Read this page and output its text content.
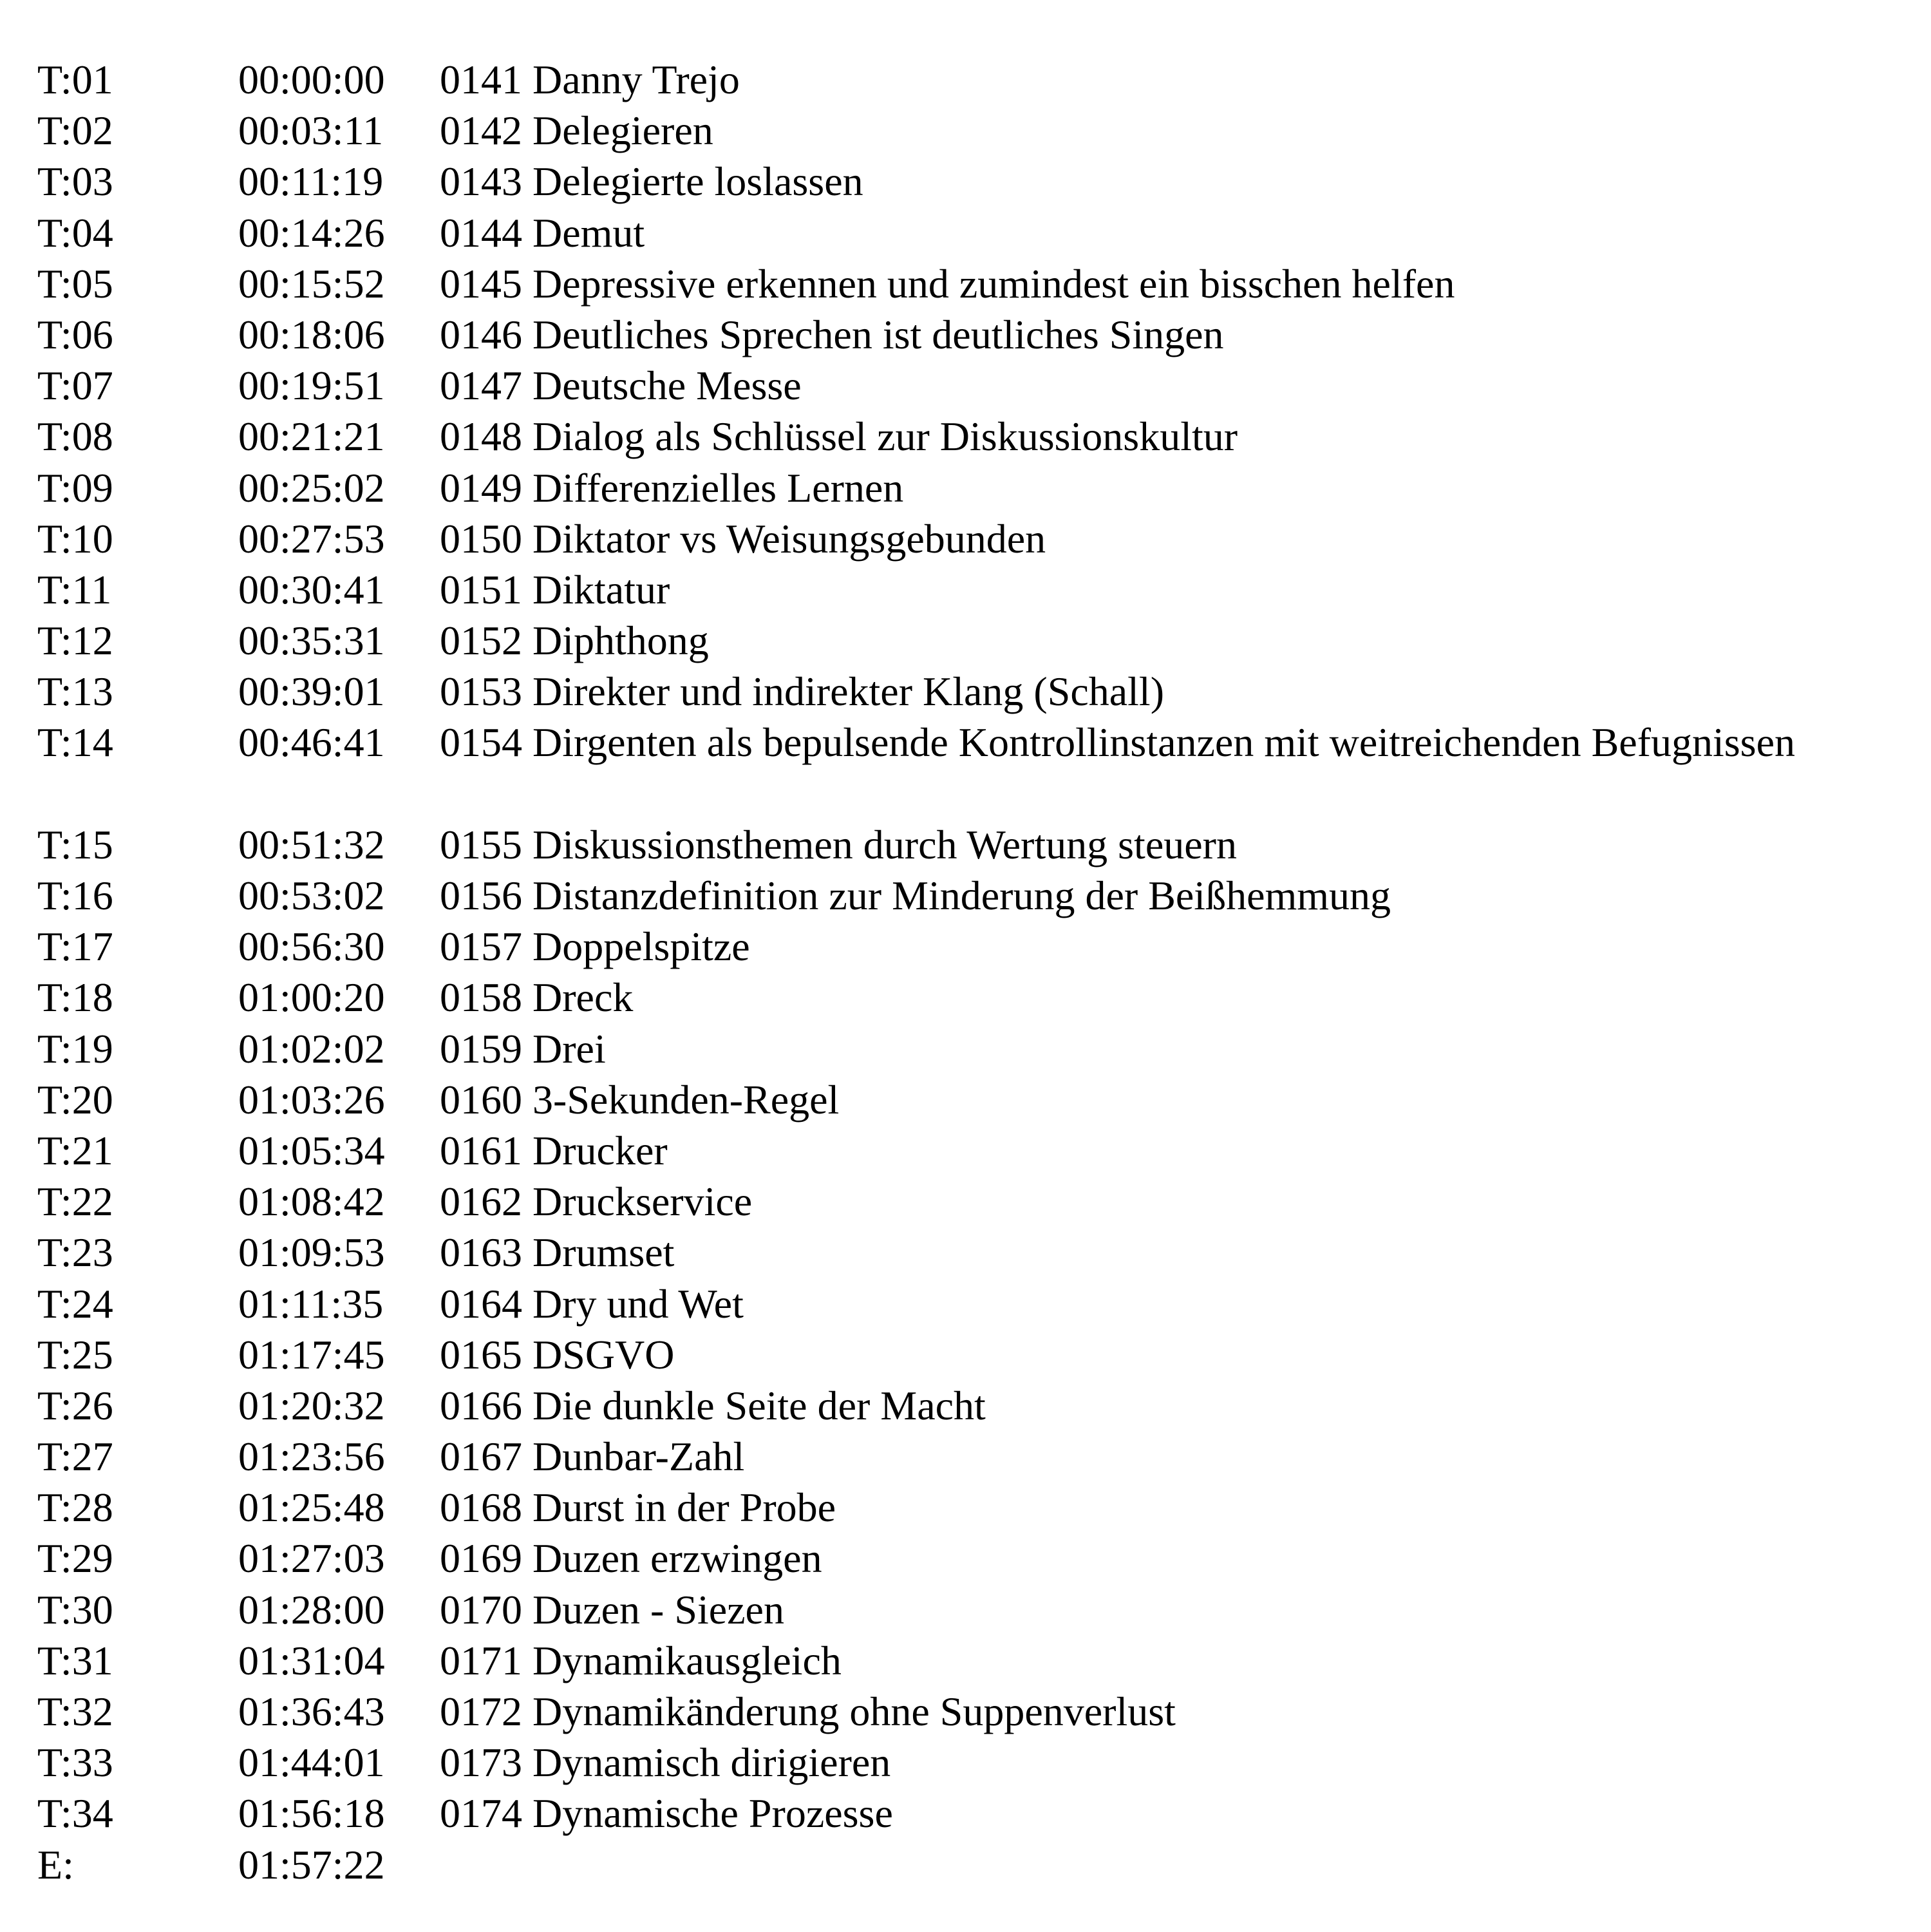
T:01	00:00:00 0141 Danny Trejo
T:02	00:03:11 0142 Delegieren
T:03	00:11:19 0143 Delegierte loslassen
T:04	00:14:26 0144 Demut
T:05	00:15:52 0145 Depressive erkennen und zumindest ein bisschen helfen
T:06	00:18:06 0146 Deutliches Sprechen ist deutliches Singen
T:07	00:19:51 0147 Deutsche Messe
T:08	00:21:21 0148 Dialog als Schlüssel zur Diskussionskultur
T:09	00:25:02 0149 Differenzielles Lernen
T:10	00:27:53 0150 Diktator vs Weisungsgebunden
T:11	00:30:41 0151 Diktatur
T:12	00:35:31 0152 Diphthong
T:13	00:39:01 0153 Direkter und indirekter Klang (Schall)
T:14	00:46:41 0154 Dirgenten als bepulsende Kontrollinstanzen mit weitreichenden Befugnissen
T:15	00:51:32 0155 Diskussionsthemen durch Wertung steuern
T:16	00:53:02 0156 Distanzdefinition zur Minderung der Beißhemmung
T:17	00:56:30 0157 Doppelspitze
T:18	01:00:20 0158 Dreck
T:19	01:02:02 0159 Drei
T:20	01:03:26 0160 3-Sekunden-Regel
T:21	01:05:34 0161 Drucker
T:22	01:08:42 0162 Druckservice
T:23	01:09:53 0163 Drumset
T:24	01:11:35 0164 Dry und Wet
T:25	01:17:45 0165 DSGVO
T:26	01:20:32 0166 Die dunkle Seite der Macht
T:27	01:23:56 0167 Dunbar-Zahl
T:28	01:25:48 0168 Durst in der Probe
T:29	01:27:03 0169 Duzen erzwingen
T:30	01:28:00 0170 Duzen - Siezen
T:31	01:31:04 0171 Dynamikausgleich
T:32	01:36:43 0172 Dynamikänderung ohne Suppenverlust
T:33	01:44:01 0173 Dynamisch dirigieren
T:34	01:56:18 0174 Dynamische Prozesse
E:	01:57:22
